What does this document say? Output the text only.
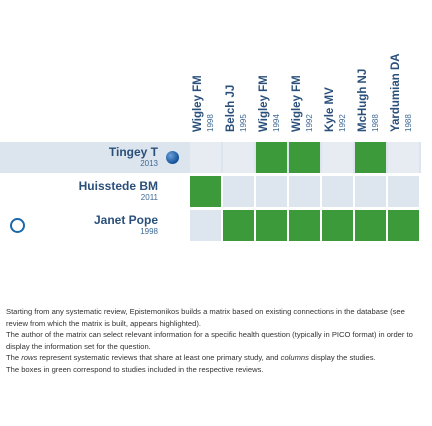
Wigley FM 1998 Belch JJ 1995 Wigley FM 1994 Wigley FM 1992 Kyle MV 1992 McHugh NJ 1988 Yardumian DA 1988
Tingey T
2013
Huisstede BM
2011
Janet Pope
1998

Starting from any systematic review, Epistemonikos builds a matrix based on existing connections in the database (see review from which the matrix is built, appears highlighted).

The author of the matrix can select relevant information for a specific health question (typically in PICO format) in order to display the information set for the question.

The rows represent systematic reviews that share at least one primary study, and columns display the studies.

The boxes in green correspond to studies included in the respective reviews.
